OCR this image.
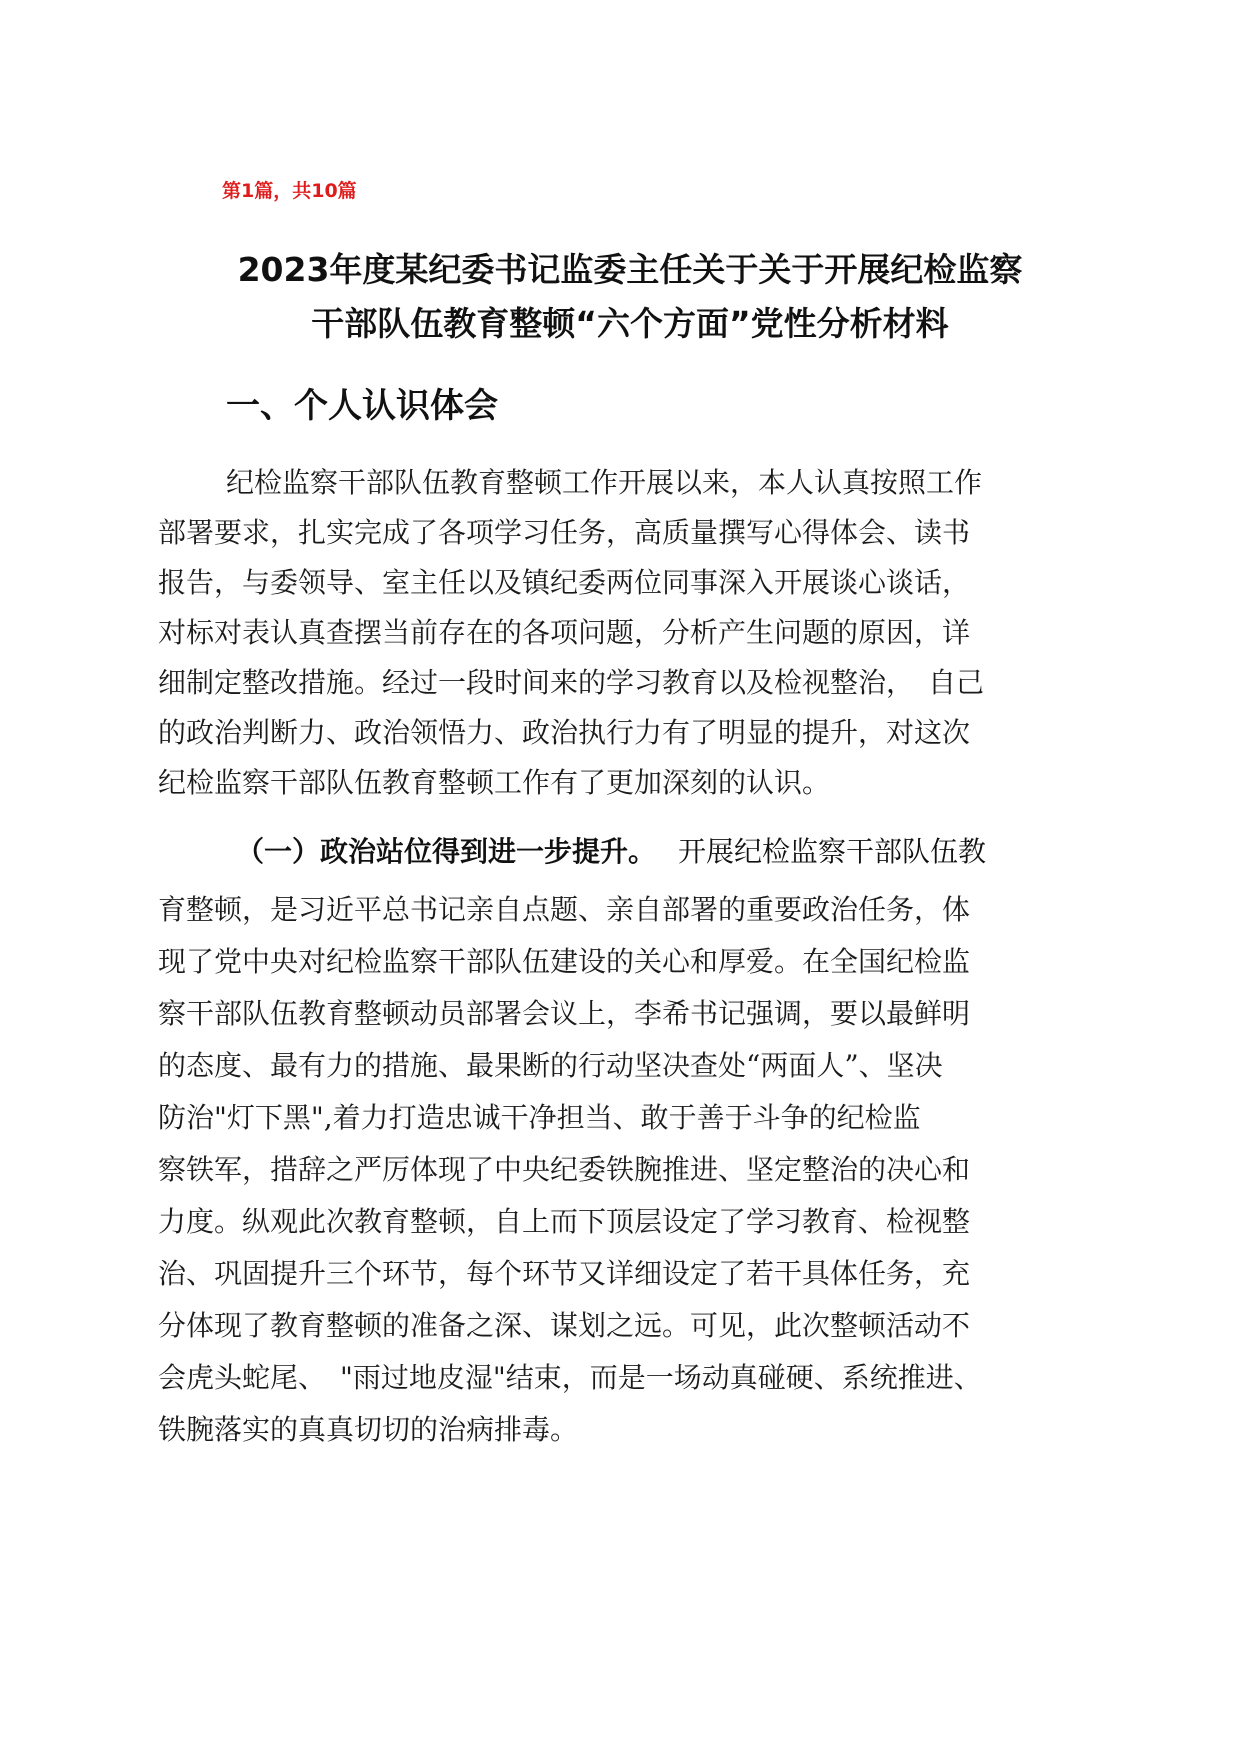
第1篇，共10篇
2023年度某纪委书记监委主任关于关于开展纪检监察
干部队伍教育整顿“六个方面”党性分析材料
一、个人认识体会
纪检监察干部队伍教育整顿工作开展以来，本人认真按照工作
部署要求，扎实完成了各项学习任务，高质量撰写心得体会、读书
报告，与委领导、室主任以及镇纪委两位同事深入开展谈心谈话，
对标对表认真查摆当前存在的各项问题，分析产生问题的原因，详
细制定整改措施。经过一段时间来的学习教育以及检视整治，　自己
的政治判断力、政治领悟力、政治执行力有了明显的提升，对这次
纪检监察干部队伍教育整顿工作有了更加深刻的认识。
（一）政治站位得到进一步提升。 开展纪检监察干部队伍教
育整顿，是习近平总书记亲自点题、亲自部署的重要政治任务，体
现了党中央对纪检监察干部队伍建设的关心和厚爱。在全国纪检监
察干部队伍教育整顿动员部署会议上，李希书记强调，要以最鲜明
的态度、最有力的措施、最果断的行动坚决查处“两面人”、坚决
防治"灯下黑",着力打造忠诚干净担当、敢于善于斗争的纪检监
察铁军，措辞之严厉体现了中央纪委铁腕推进、坚定整治的决心和
力度。纵观此次教育整顿，自上而下顶层设定了学习教育、检视整
治、巩固提升三个环节，每个环节又详细设定了若干具体任务，充
分体现了教育整顿的准备之深、谋划之远。可见，此次整顿活动不
会虎头蛇尾、　"雨过地皮湿"结束，而是一场动真碰硬、系统推进、
铁腕落实的真真切切的治病排毒。
